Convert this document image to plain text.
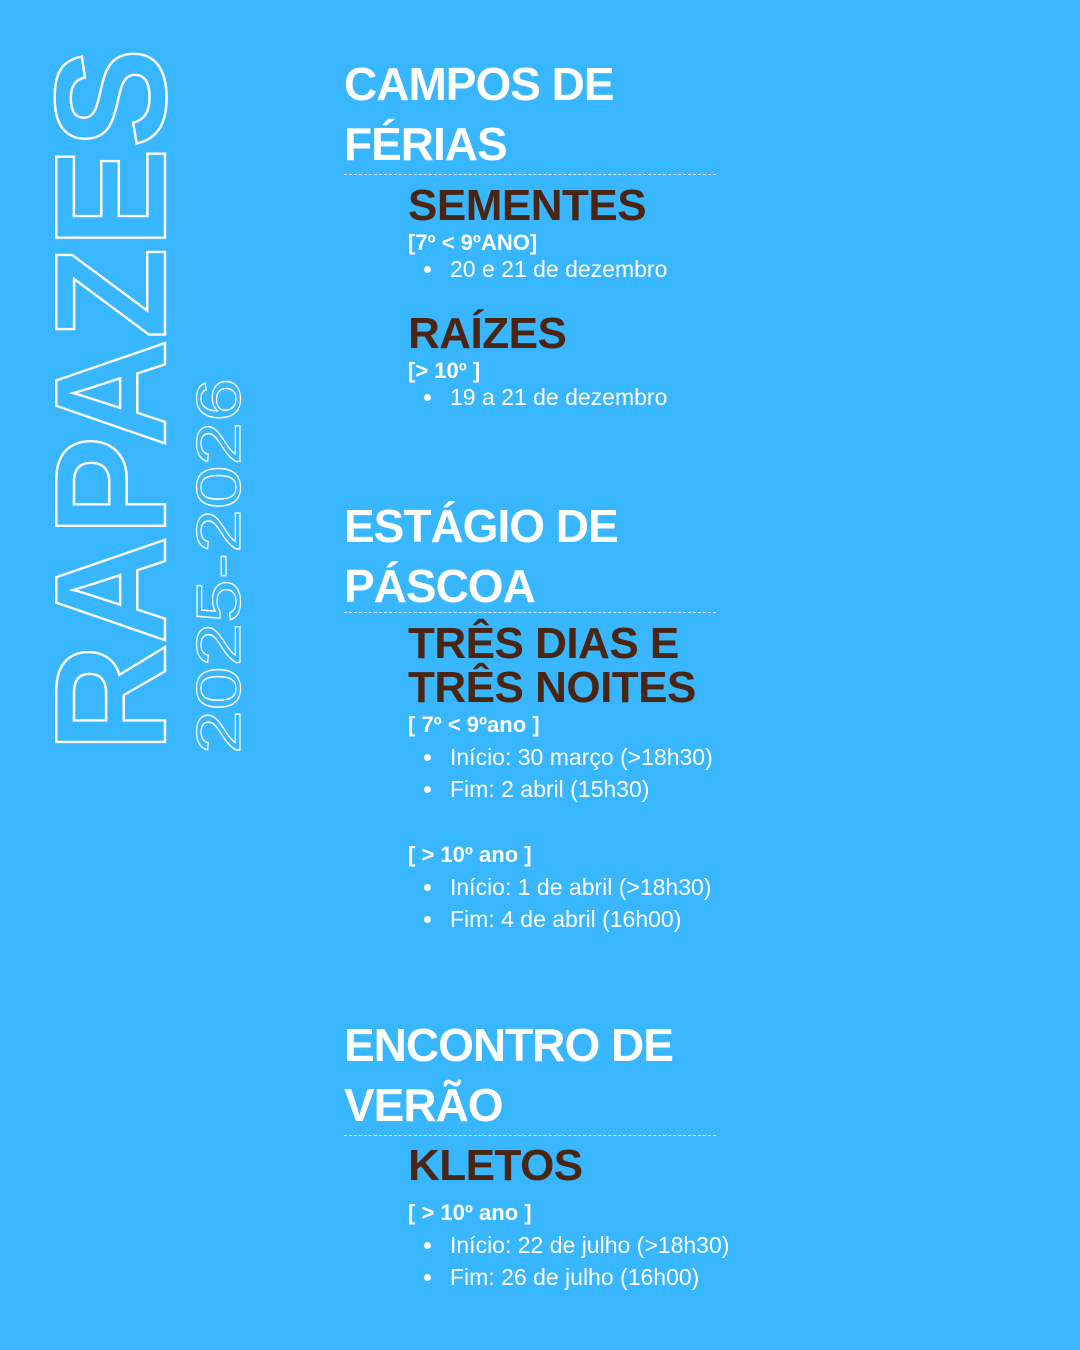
RAPAZES
2025-2026
CAMPOS DE FÉRIAS
SEMENTES
[7º < 9ºANO]
20 e 21 de dezembro
RAÍZES
[> 10º ]
19 a 21 de dezembro
ESTÁGIO DE PÁSCOA
TRÊS DIAS E TRÊS NOITES
[ 7º < 9ºano ]
Início: 30 março (>18h30)
Fim: 2 abril (15h30)
[ > 10º ano ]
Início: 1 de abril (>18h30)
Fim: 4 de abril (16h00)
ENCONTRO DE VERÃO
KLETOS
[ > 10º ano ]
Início: 22 de julho (>18h30)
Fim: 26 de julho (16h00)
